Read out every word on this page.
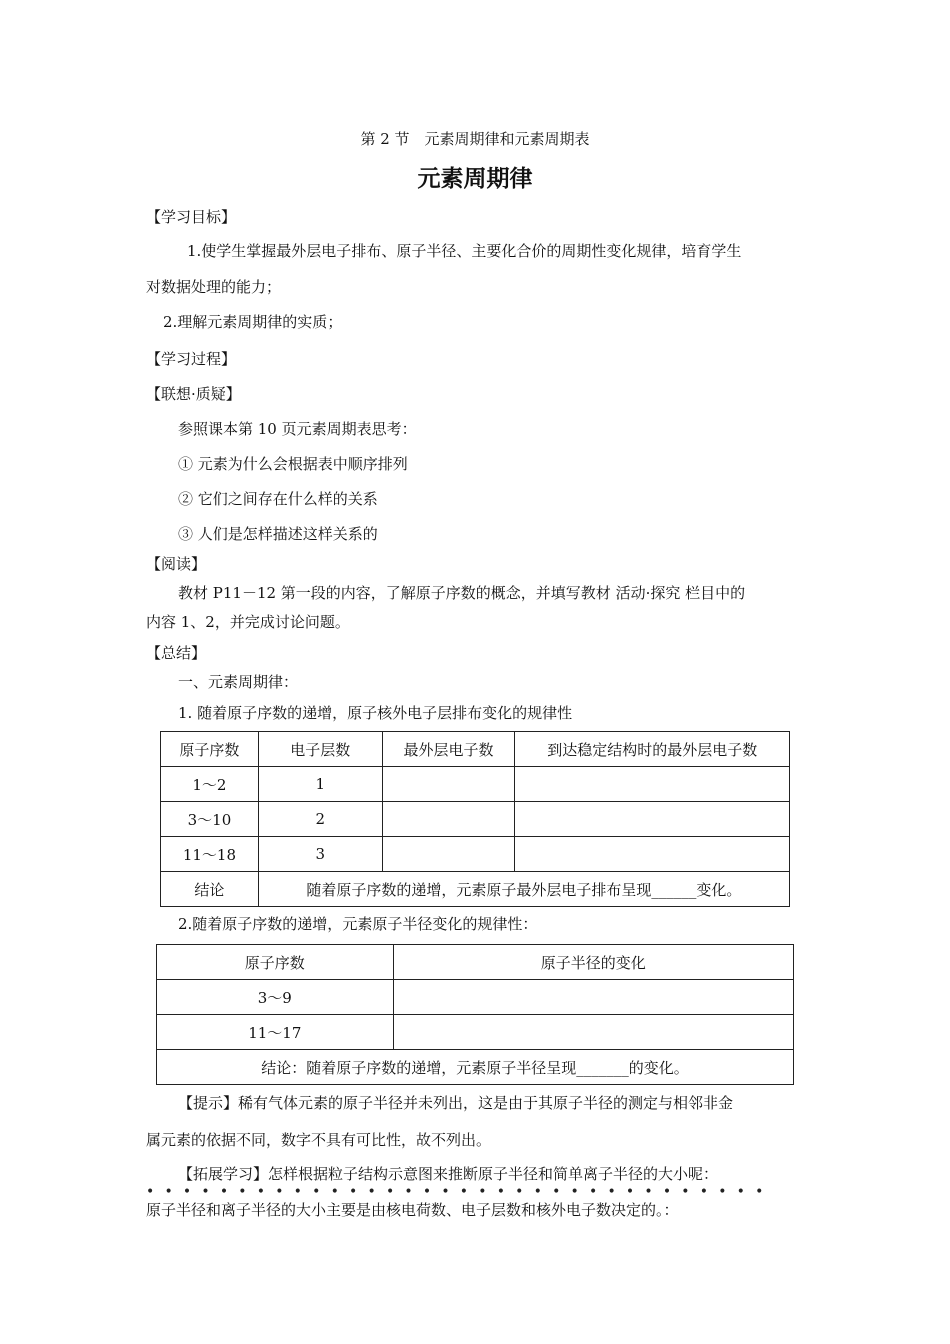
第 2 节　元素周期律和元素周期表
元素周期律
【学习目标】
1.使学生掌握最外层电子排布、原子半径、主要化合价的周期性变化规律，培育学生
对数据处理的能力；
2.理解元素周期律的实质；
【学习过程】
【联想·质疑】
参照课本第 10 页元素周期表思考：
① 元素为什么会根据表中顺序排列
② 它们之间存在什么样的关系
③ 人们是怎样描述这样关系的
【阅读】
教材 P11－12 第一段的内容，了解原子序数的概念，并填写教材 活动·探究 栏目中的
内容 1、2，并完成讨论问题。
【总结】
一、元素周期律：
1. 随着原子序数的递增，原子核外电子层排布变化的规律性
原子序数	电子层数	最外层电子数	到达稳定结构时的最外层电子数
1～2	1		
3～10	2		
11～18	3		
结论	随着原子序数的递增，元素原子最外层电子排布呈现______变化。		
2.随着原子序数的递增，元素原子半径变化的规律性：
原子序数	原子半径的变化
3～9	
11～17	
结论：随着原子序数的递增，元素原子半径呈现_______的变化。	
【提示】稀有气体元素的原子半径并未列出，这是由于其原子半径的测定与相邻非金
属元素的依据不同，数字不具有可比性，故不列出。
【拓展学习】怎样根据粒子结构示意图来推断原子半径和简单离子半径的大小呢：
••••••••••••••••••••••••••••••••••
原子半径和离子半径的大小主要是由核电荷数、电子层数和核外电子数决定的。：
